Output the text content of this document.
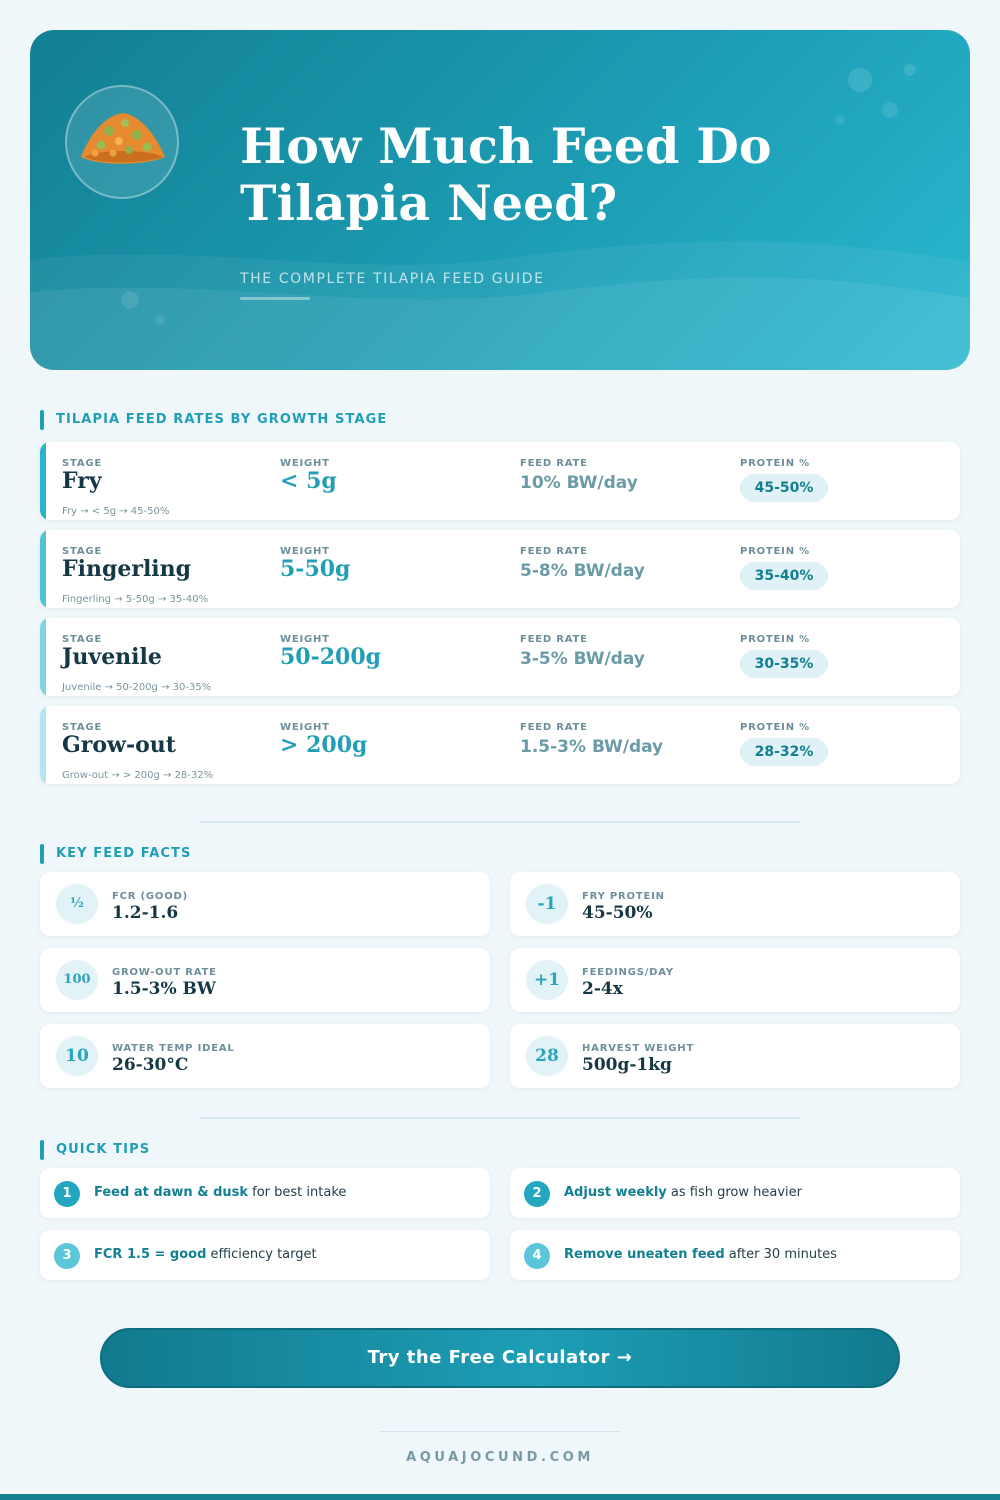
How Much Feed Do Tilapia Need?
THE COMPLETE TILAPIA FEED GUIDE
TILAPIA FEED RATES BY GROWTH STAGE
STAGE	WEIGHT	FEED RATE	PROTEIN %
Fry	< 5g	10% BW/day	45-50%
Fry → < 5g → 45-50%
STAGE	WEIGHT	FEED RATE	PROTEIN %
Fingerling	5-50g	5-8% BW/day	35-40%
Fingerling → 5-50g → 35-40%
STAGE	WEIGHT	FEED RATE	PROTEIN %
Juvenile	50-200g	3-5% BW/day	30-35%
Juvenile → 50-200g → 30-35%
STAGE	WEIGHT	FEED RATE	PROTEIN %
Grow-out	> 200g	1.5-3% BW/day	28-32%
Grow-out → > 200g → 28-32%
KEY FEED FACTS
½	FCR (GOOD)
1.2-1.6	-1	FRY PROTEIN
45-50%
100	GROW-OUT RATE
1.5-3% BW	+1	FEEDINGS/DAY
2-4x
10	WATER TEMP IDEAL
26-30°C	28	HARVEST WEIGHT
500g-1kg
QUICK TIPS
1	Feed at dawn & dusk for best intake	2	Adjust weekly as fish grow heavier
3	FCR 1.5 = good efficiency target	4	Remove uneaten feed after 30 minutes
Try the Free Calculator →
AQUAJOCUND.COM
